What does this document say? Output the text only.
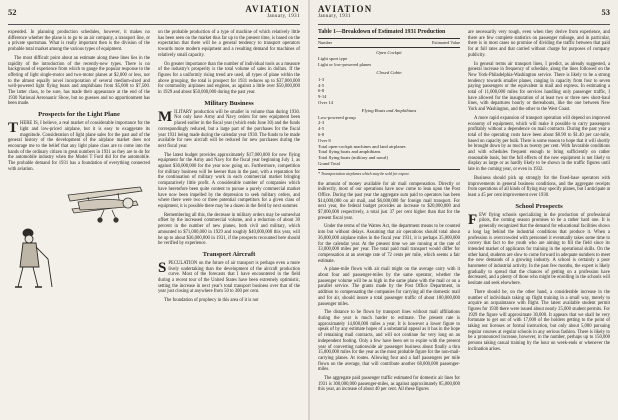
52	AVIATION
January, 1931

expended. In planning production schedules, however, it makes no difference whether the plane is to go to an air company, a transport line, or a private sportsman. What is really important then is the division of the probable total market among the various types of equipment.

The most difficult point about an estimate along these lines lies in the rapidity of the introduction of the recently-new types. There is no background of experience from which to gauge the popular response to the offering of light single-motor and two-motor planes at $2,000 or less, nor to the almost equally novel incorporation of several medium-sized and well-powered light flying boats and amphibians from $5,000 to $7,500. The latter class, to be sure, has made their appearance at the end of the 1930 National Aeronautic Show, but no guesses and no apportionment has been made.

Prospects for the Light Plane

THERE IS, I believe, a real market of considerable importance for the light and low-priced airplane, but it is easy to exaggerate its magnitude. Consideration of light plane sales for the past and of the general history of the development of the airplane market does not encourage me to the belief that any light plane class are to come into the hands of the ordinary citizen in great numbers in 1931 as they are to do for the automobile industry when the Model T Ford did for the automobile. The probable demand for 1931 has a foundation of everything connected with aviation.

on the probable production of a type of machine of which relatively little has been seen on the market thus far up to the present time, is based on the expectation that there will be a general tendency to transport operators towards more modern equipment and a resulting demand for machines of relatively small capacity.

On greater importance than the number of individual tools as a measure of the industry's prosperity is the total volume of sales in dollars. If the figures for a uniformly rising trend are used, all types of plane within the above grouping, the total is prospect for 1931 reduces up to $37,000,000 for commodity airplanes and engines, as against a little over $50,000,000 in 1929 and about $50,000,000 during the past year.

Military Business

MILITARY production will be smaller in volume than during 1930. Not only have Army and Navy orders for new equipment been placed earlier in the fiscal year (which ends June 30) and the funds correspondingly reduced, but a large part of the purchases for the fiscal year 1931 being made during the calendar year 1930. The funds to be made available for new aircraft will be reduced for new purchases during the next fiscal year.

The latest budget provides approximately $17,000,000 for new flying equipment for the Army and Navy for the fiscal year beginning July 1, as against $30,000,000 for the year now going on. Furthermore, competition for military business will be keener than in the past, with a reputation for the continuation of military work in each commercial market bringing comparatively little profit. A considerable number of companies which have heretofore been quite content to pursue a purely commercial market have now been impelled by the depression to seek military orders, and where there were two or three potential competitors for a given class of equipment, it is possible there may be a dozen in the field by next summer.

Remembering all this, the decrease in military orders may be somewhat offset by the increased commercial volume, and a reduction of about 30 percent in the number of new planes, both civil and military, which amounted to $71,000,000 in 1929 and roughly $40,000,000 this year, will be up to about $36,000,000 in 1931, if the prospects recounted here should be verified by experience.

Transport Aircraft

SPECULATION on the future of air transport is perhaps even a more lively undertaking than the development of the aircraft production curve. Most of the forecasts that I have encountered in the field during a recent tour of the United States have been extremely optimistic, setting the increase in next year's total transport business over that of the year just closing at anywhere from 50 to 300 per cent.

The foundation of prophecy in this area of it is not

AVIATION
January, 1931	53
Table 1—Breakdown of Estimated 1931 Production
Number	Estimated Value
Open Cockpit
Light sport type
Light or low-powered planes
Closed Cabin
1-3
4-5
6-8
9-14
Over 14
Flying Boats and Amphibians
Low-powered group
2-3
4-5
6-8
Over 8
Total open-cockpit machines and land airplanes
Total flying boats and amphibians
Total flying boats (military and naval)
Grand Total
* Transportation airplanes which may be sold for export.

the amount of money available for air mail compensation. Directly or indirectly, most of our operations have now come to lean upon the Post Office. During the past year the aggregate sum paid to operators has been $14,000,000 on air mail, and $6,000,000 for foreign mail transport. For next year, the federal budget provides an increase to $20,000,000 and $7,000,000 respectively, a total just 37 per cent higher than that for the present fiscal year.

Under the terms of the Watres Act, the department means to be counted into but without delays. Assuming that air operations should total about 36,000,000 airplane miles in the fiscal year 1931, it is perhaps 35,000,000 for the calendar year. At the present time we are running at the rate of 33,000,000 miles per year. The total paid mail transport would differ for compensation at an average rate of 72 cents per mile, which seems a fair estimate.

A plane-mile flown with air mail might on the average carry with it about four and passenger-miles by the same operator, whether the passenger volume will be as high in the same plane with the mail or on a parallel service. The grants made by the Post Office Department, in addition to compensating the companies for carrying all the domestic mail and for air, should insure a total passenger traffic of about 180,000,000 passenger miles.

The distance to be flown by transport lines without mail affiliations during the year is much harder to estimate. The present rate is approximately 14,000,000 miles a year. It is however a lower figure to speak of by any estimate hopes of a substantial appeal as it has in the hope of remaining mail contracts, and will not continue for very long on an independent footing. Only a few have been set to expire with the present year of converting nationwide air passenger business about finally a thru 15,000,000 miles for the year as the most probable figure for the non-mail-carrying planes. At routes. Allowing four and a half passengers per mile flown on the average, that will contribute another 68,000,000 passenger-miles.

The aggregate paid passenger traffic estimated for domestic air lines for 1931 is 300,000,000 passenger-miles, as against approximately 85,000,000 this year, an increase of about 40 per cent. All these figures

are necessarily very rough, even when they derive from experience, and there are few complete statistics on passenger mileage, and in particular, there is in most cases no promise of dividing the traffic between that paid for at full rates and that carried without charge for purposes of company publicity.

In general terms air transport lines, I predict, as already suggested, a general increase in frequency of schedule, along the lines followed on the New York-Philadelphia-Washington service. There is likely to be a strong tendency towards smaller planes, ranging in capacity from four to seven paying passengers or the equivalent in mail and express. In estimating a total of 11,000,000 miles for services handling only passenger traffic, I have allowed for the inauguration of at least two or three new short-haul lines, with departures hourly or thereabouts, like the one between New York and Washington, and the other to the West Coast.

A more rapid expansion of transport operation will depend on improved economy of equipment, which will make it possible to carry passengers profitably without a dependence on mail contracts. During the past year a total of the operating costs have been about $0.90 to $1.40 per car-mile, based on capacity per bulk. There is some reason to hope that it will shortly be brought down by as much as twenty per cent. With favorable conditions and with schedules frequent enough to bring sufficiently on rather reasonable basis, but the full effects of the new equipment is not likely to display as large or as hardly likely to be shown in the traffic figures until late in the coming year, or even in 1932.

Business should pick up strongly for the fixed-base operators with improvements in general business conditions, and the aggregate receipts from operations of all kinds of flying may specify planes, but I anticipate at least a 45 per cent improvement over 1930.

School Prospects

FEW flying schools specializing in the production of professional pilots, the coming season promises to be a rather hard one. It is generally recognized that the demand for educational facilities shows a long lag behind the industrial conditions that produce it. When a profession is overcrowded with personnel it eventually takes some time to convey that fact to the youth who are aiming to fill the field since its intended market of applicants for training in the operational skills. On the other hand, students are slow to come forward in adequate numbers to meet the new demands of a growing industry. A school is certainly a poor barometer of industrial activity. In the past few months, the expert is likely gradually to spread that the chances of getting on a profession have decreased, and a plenty of those who might be enrolling in the schools will hesitate and seek elsewhere.

There should be, on the other hand, a considerable increase in the number of individuals taking up flight training in a small way, merely to acquire an acquaintance with flight. The latest available student permit figures for 1930 there were issued about nearly 25,000 student permits. For 1929 the figure will approximate 30,000. It appears that we shall be very fortunate to get out of with 17,000 of the holders getting to the point of taking out licenses or formal instruction, but only about 5,000 pursuing regular courses at regular schools in any serious fashion. There is likely to be a pronounced increase, however, in the number, perhaps up to 150,000 persons taking casual training by the hour on week-ends or whenever the inclination arises.
